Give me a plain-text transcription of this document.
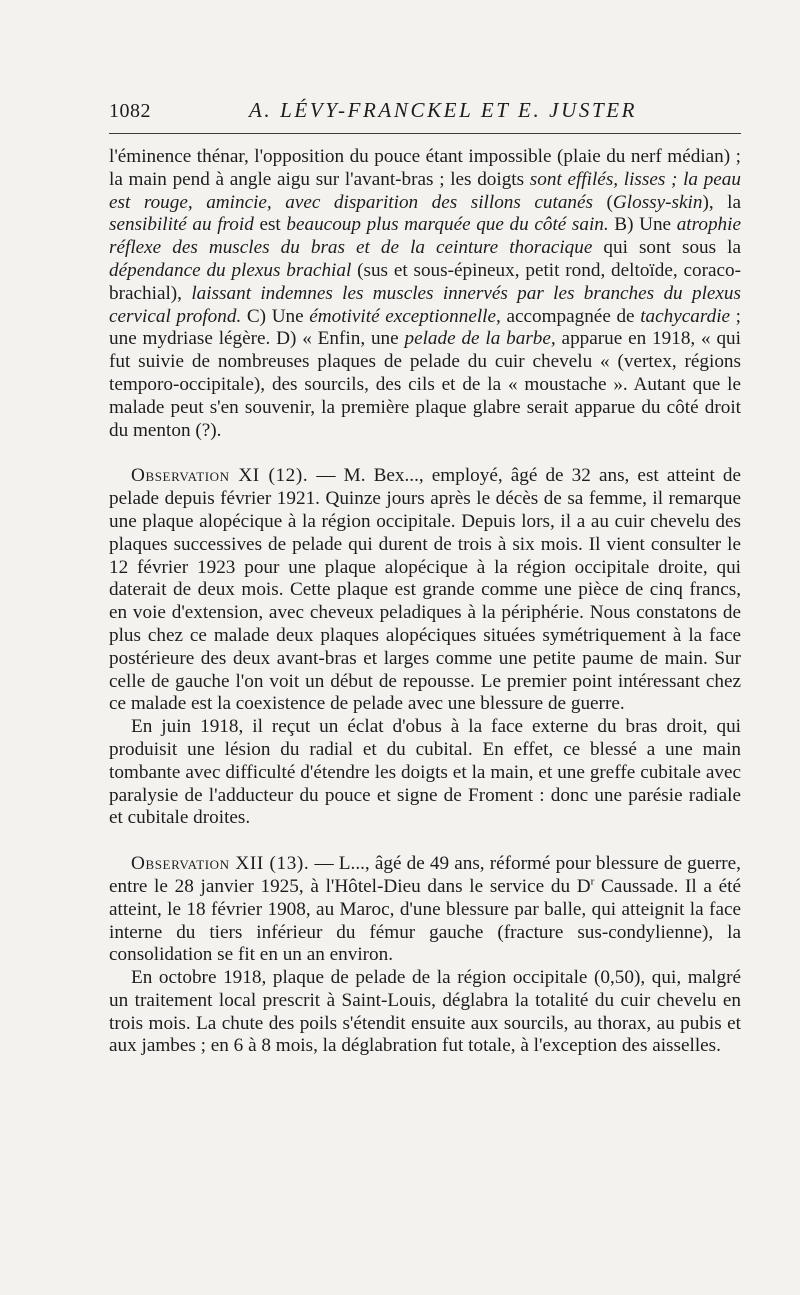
1082	A. LÉVY-FRANCKEL ET E. JUSTER

l'éminence thénar, l'opposition du pouce étant impossible (plaie du nerf médian) ; la main pend à angle aigu sur l'avant-bras ; les doigts sont effilés, lisses ; la peau est rouge, amincie, avec disparition des sillons cutanés (Glossy-skin), la sensibilité au froid est beaucoup plus marquée que du côté sain. B) Une atrophie réflexe des muscles du bras et de la ceinture thoracique qui sont sous la dépendance du plexus brachial (sus et sous-épineux, petit rond, deltoïde, coraco-brachial), laissant indemnes les muscles innervés par les branches du plexus cervical profond. C) Une émotivité exceptionnelle, accompagnée de tachycardie ; une mydriase légère. D) « Enfin, une pelade de la barbe, apparue en 1918, « qui fut suivie de nombreuses plaques de pelade du cuir chevelu « (vertex, régions temporo-occipitale), des sourcils, des cils et de la « moustache ». Autant que le malade peut s'en souvenir, la première plaque glabre serait apparue du côté droit du menton (?).

Observation XI (12). — M. Bex..., employé, âgé de 32 ans, est atteint de pelade depuis février 1921. Quinze jours après le décès de sa femme, il remarque une plaque alopécique à la région occipitale. Depuis lors, il a au cuir chevelu des plaques successives de pelade qui durent de trois à six mois. Il vient consulter le 12 février 1923 pour une plaque alopécique à la région occipitale droite, qui daterait de deux mois. Cette plaque est grande comme une pièce de cinq francs, en voie d'extension, avec cheveux peladiques à la périphérie. Nous constatons de plus chez ce malade deux plaques alopéciques situées symétriquement à la face postérieure des deux avant-bras et larges comme une petite paume de main. Sur celle de gauche l'on voit un début de repousse. Le premier point intéressant chez ce malade est la coexistence de pelade avec une blessure de guerre.

En juin 1918, il reçut un éclat d'obus à la face externe du bras droit, qui produisit une lésion du radial et du cubital. En effet, ce blessé a une main tombante avec difficulté d'étendre les doigts et la main, et une greffe cubitale avec paralysie de l'adducteur du pouce et signe de Froment : donc une parésie radiale et cubitale droites.

Observation XII (13). — L..., âgé de 49 ans, réformé pour blessure de guerre, entre le 28 janvier 1925, à l'Hôtel-Dieu dans le service du $D^r$ Caussade. Il a été atteint, le 18 février 1908, au Maroc, d'une blessure par balle, qui atteignit la face interne du tiers inférieur du fémur gauche (fracture sus-condylienne), la consolidation se fit en un an environ.

En octobre 1918, plaque de pelade de la région occipitale (0,50), qui, malgré un traitement local prescrit à Saint-Louis, déglabra la totalité du cuir chevelu en trois mois. La chute des poils s'étendit ensuite aux sourcils, au thorax, au pubis et aux jambes ; en 6 à 8 mois, la déglabration fut totale, à l'exception des aisselles.
